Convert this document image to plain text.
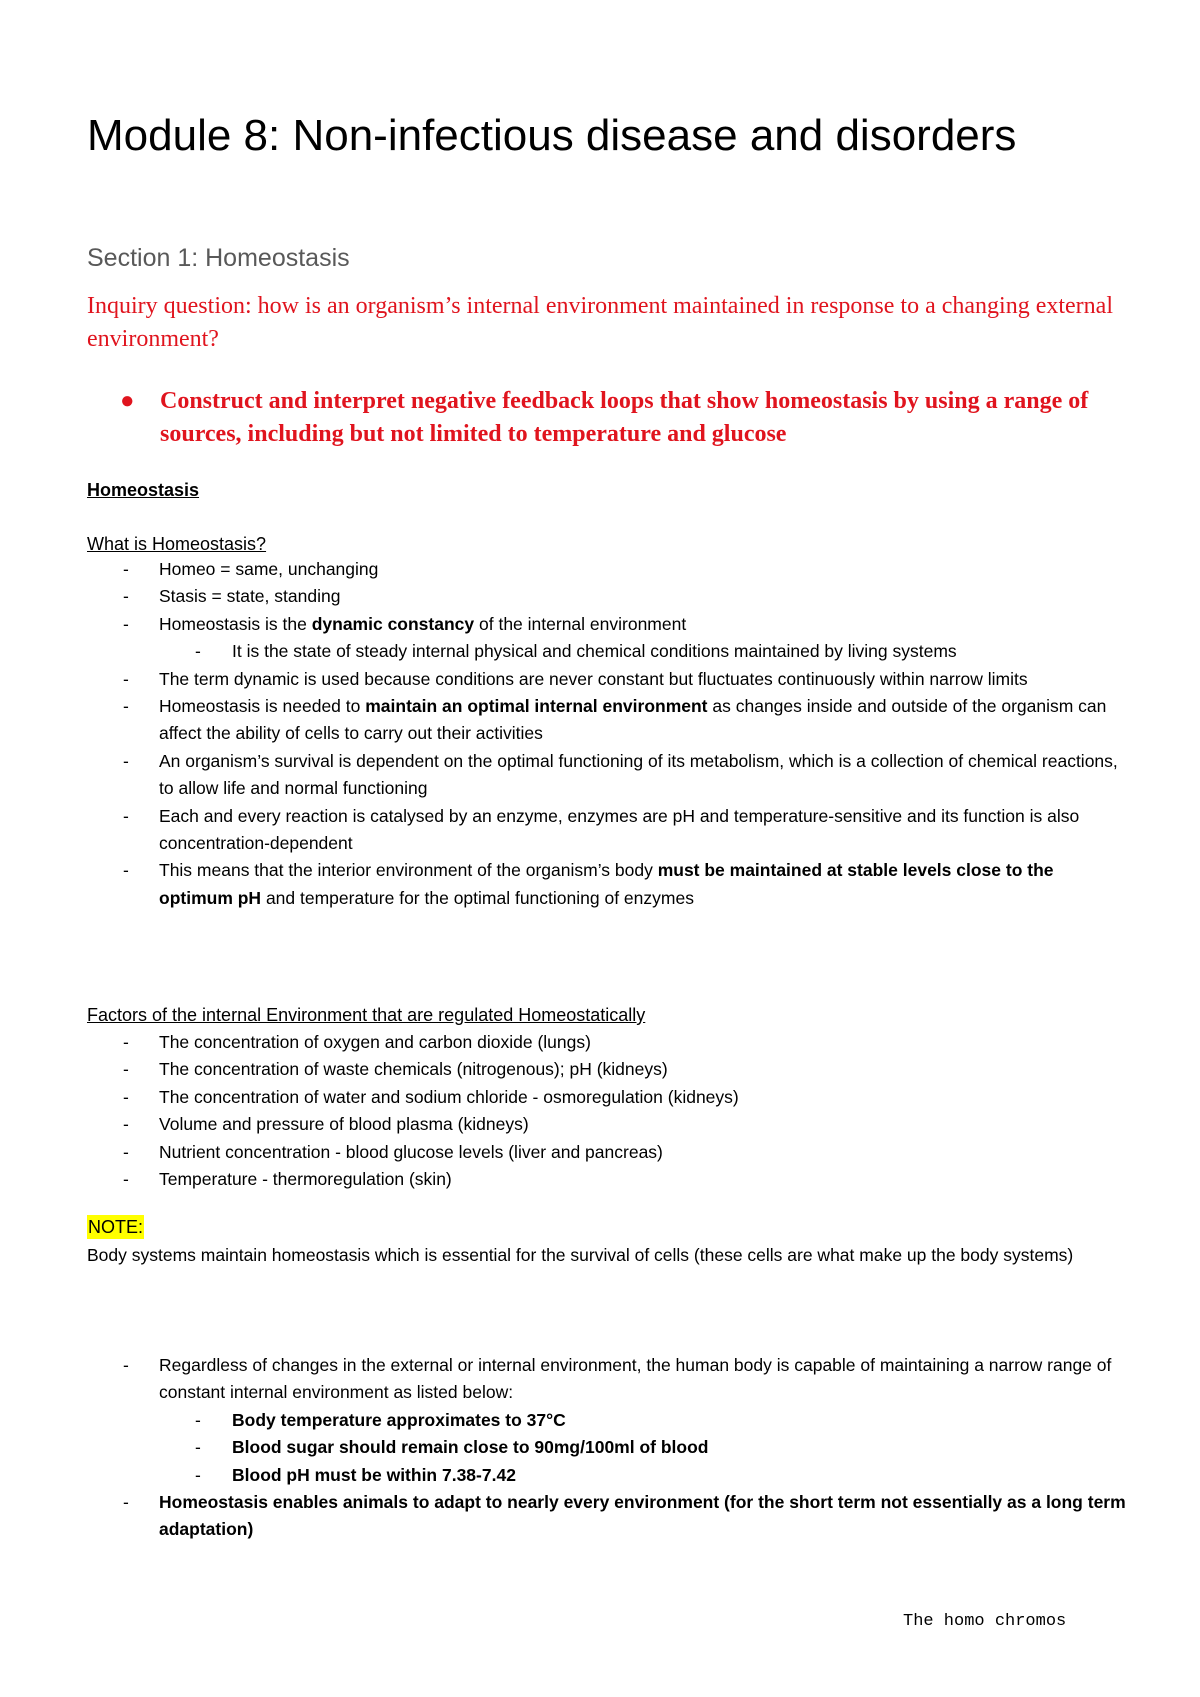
Module 8: Non-infectious disease and disorders
Section 1: Homeostasis
Inquiry question: how is an organism’s internal environment maintained in response to a changing external environment?
● Construct and interpret negative feedback loops that show homeostasis by using a range of sources, including but not limited to temperature and glucose
Homeostasis
What is Homeostasis?
- Homeo = same, unchanging
- Stasis = state, standing
- Homeostasis is the dynamic constancy of the internal environment
- It is the state of steady internal physical and chemical conditions maintained by living systems
- The term dynamic is used because conditions are never constant but fluctuates continuously within narrow limits
- Homeostasis is needed to maintain an optimal internal environment as changes inside and outside of the organism can affect the ability of cells to carry out their activities
- An organism’s survival is dependent on the optimal functioning of its metabolism, which is a collection of chemical reactions, to allow life and normal functioning
- Each and every reaction is catalysed by an enzyme, enzymes are pH and temperature-sensitive and its function is also concentration-dependent
- This means that the interior environment of the organism’s body must be maintained at stable levels close to the optimum pH and temperature for the optimal functioning of enzymes
Factors of the internal Environment that are regulated Homeostatically
- The concentration of oxygen and carbon dioxide (lungs)
- The concentration of waste chemicals (nitrogenous); pH (kidneys)
- The concentration of water and sodium chloride - osmoregulation (kidneys)
- Volume and pressure of blood plasma (kidneys)
- Nutrient concentration - blood glucose levels (liver and pancreas)
- Temperature - thermoregulation (skin)
NOTE:
Body systems maintain homeostasis which is essential for the survival of cells (these cells are what make up the body systems)
- Regardless of changes in the external or internal environment, the human body is capable of maintaining a narrow range of constant internal environment as listed below:
- Body temperature approximates to 37°C
- Blood sugar should remain close to 90mg/100ml of blood
- Blood pH must be within 7.38-7.42
- Homeostasis enables animals to adapt to nearly every environment (for the short term not essentially as a long term adaptation)
The homo chromos
